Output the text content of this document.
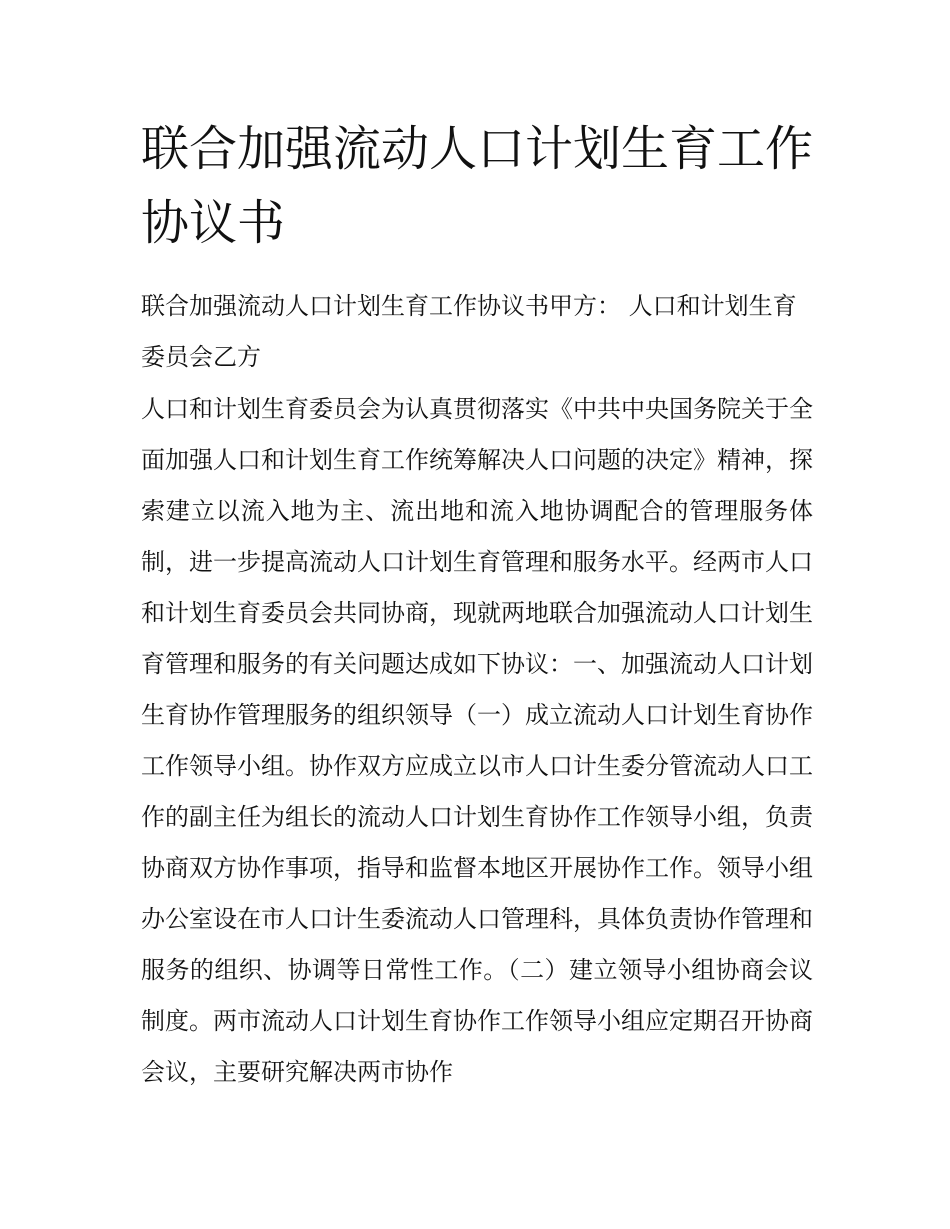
联合加强流动人口计划生育工作协议书

联合加强流动人口计划生育工作协议书甲方： 人口和计划生育委员会乙方

人口和计划生育委员会为认真贯彻落实《中共中央国务院关于全面加强人口和计划生育工作统筹解决人口问题的决定》精神，探索建立以流入地为主、流出地和流入地协调配合的管理服务体制，进一步提高流动人口计划生育管理和服务水平。经两市人口和计划生育委员会共同协商，现就两地联合加强流动人口计划生育管理和服务的有关问题达成如下协议：一、加强流动人口计划生育协作管理服务的组织领导（一）成立流动人口计划生育协作工作领导小组。协作双方应成立以市人口计生委分管流动人口工作的副主任为组长的流动人口计划生育协作工作领导小组，负责协商双方协作事项，指导和监督本地区开展协作工作。领导小组办公室设在市人口计生委流动人口管理科，具体负责协作管理和服务的组织、协调等日常性工作。（二）建立领导小组协商会议制度。两市流动人口计划生育协作工作领导小组应定期召开协商会议，主要研究解决两市协作
